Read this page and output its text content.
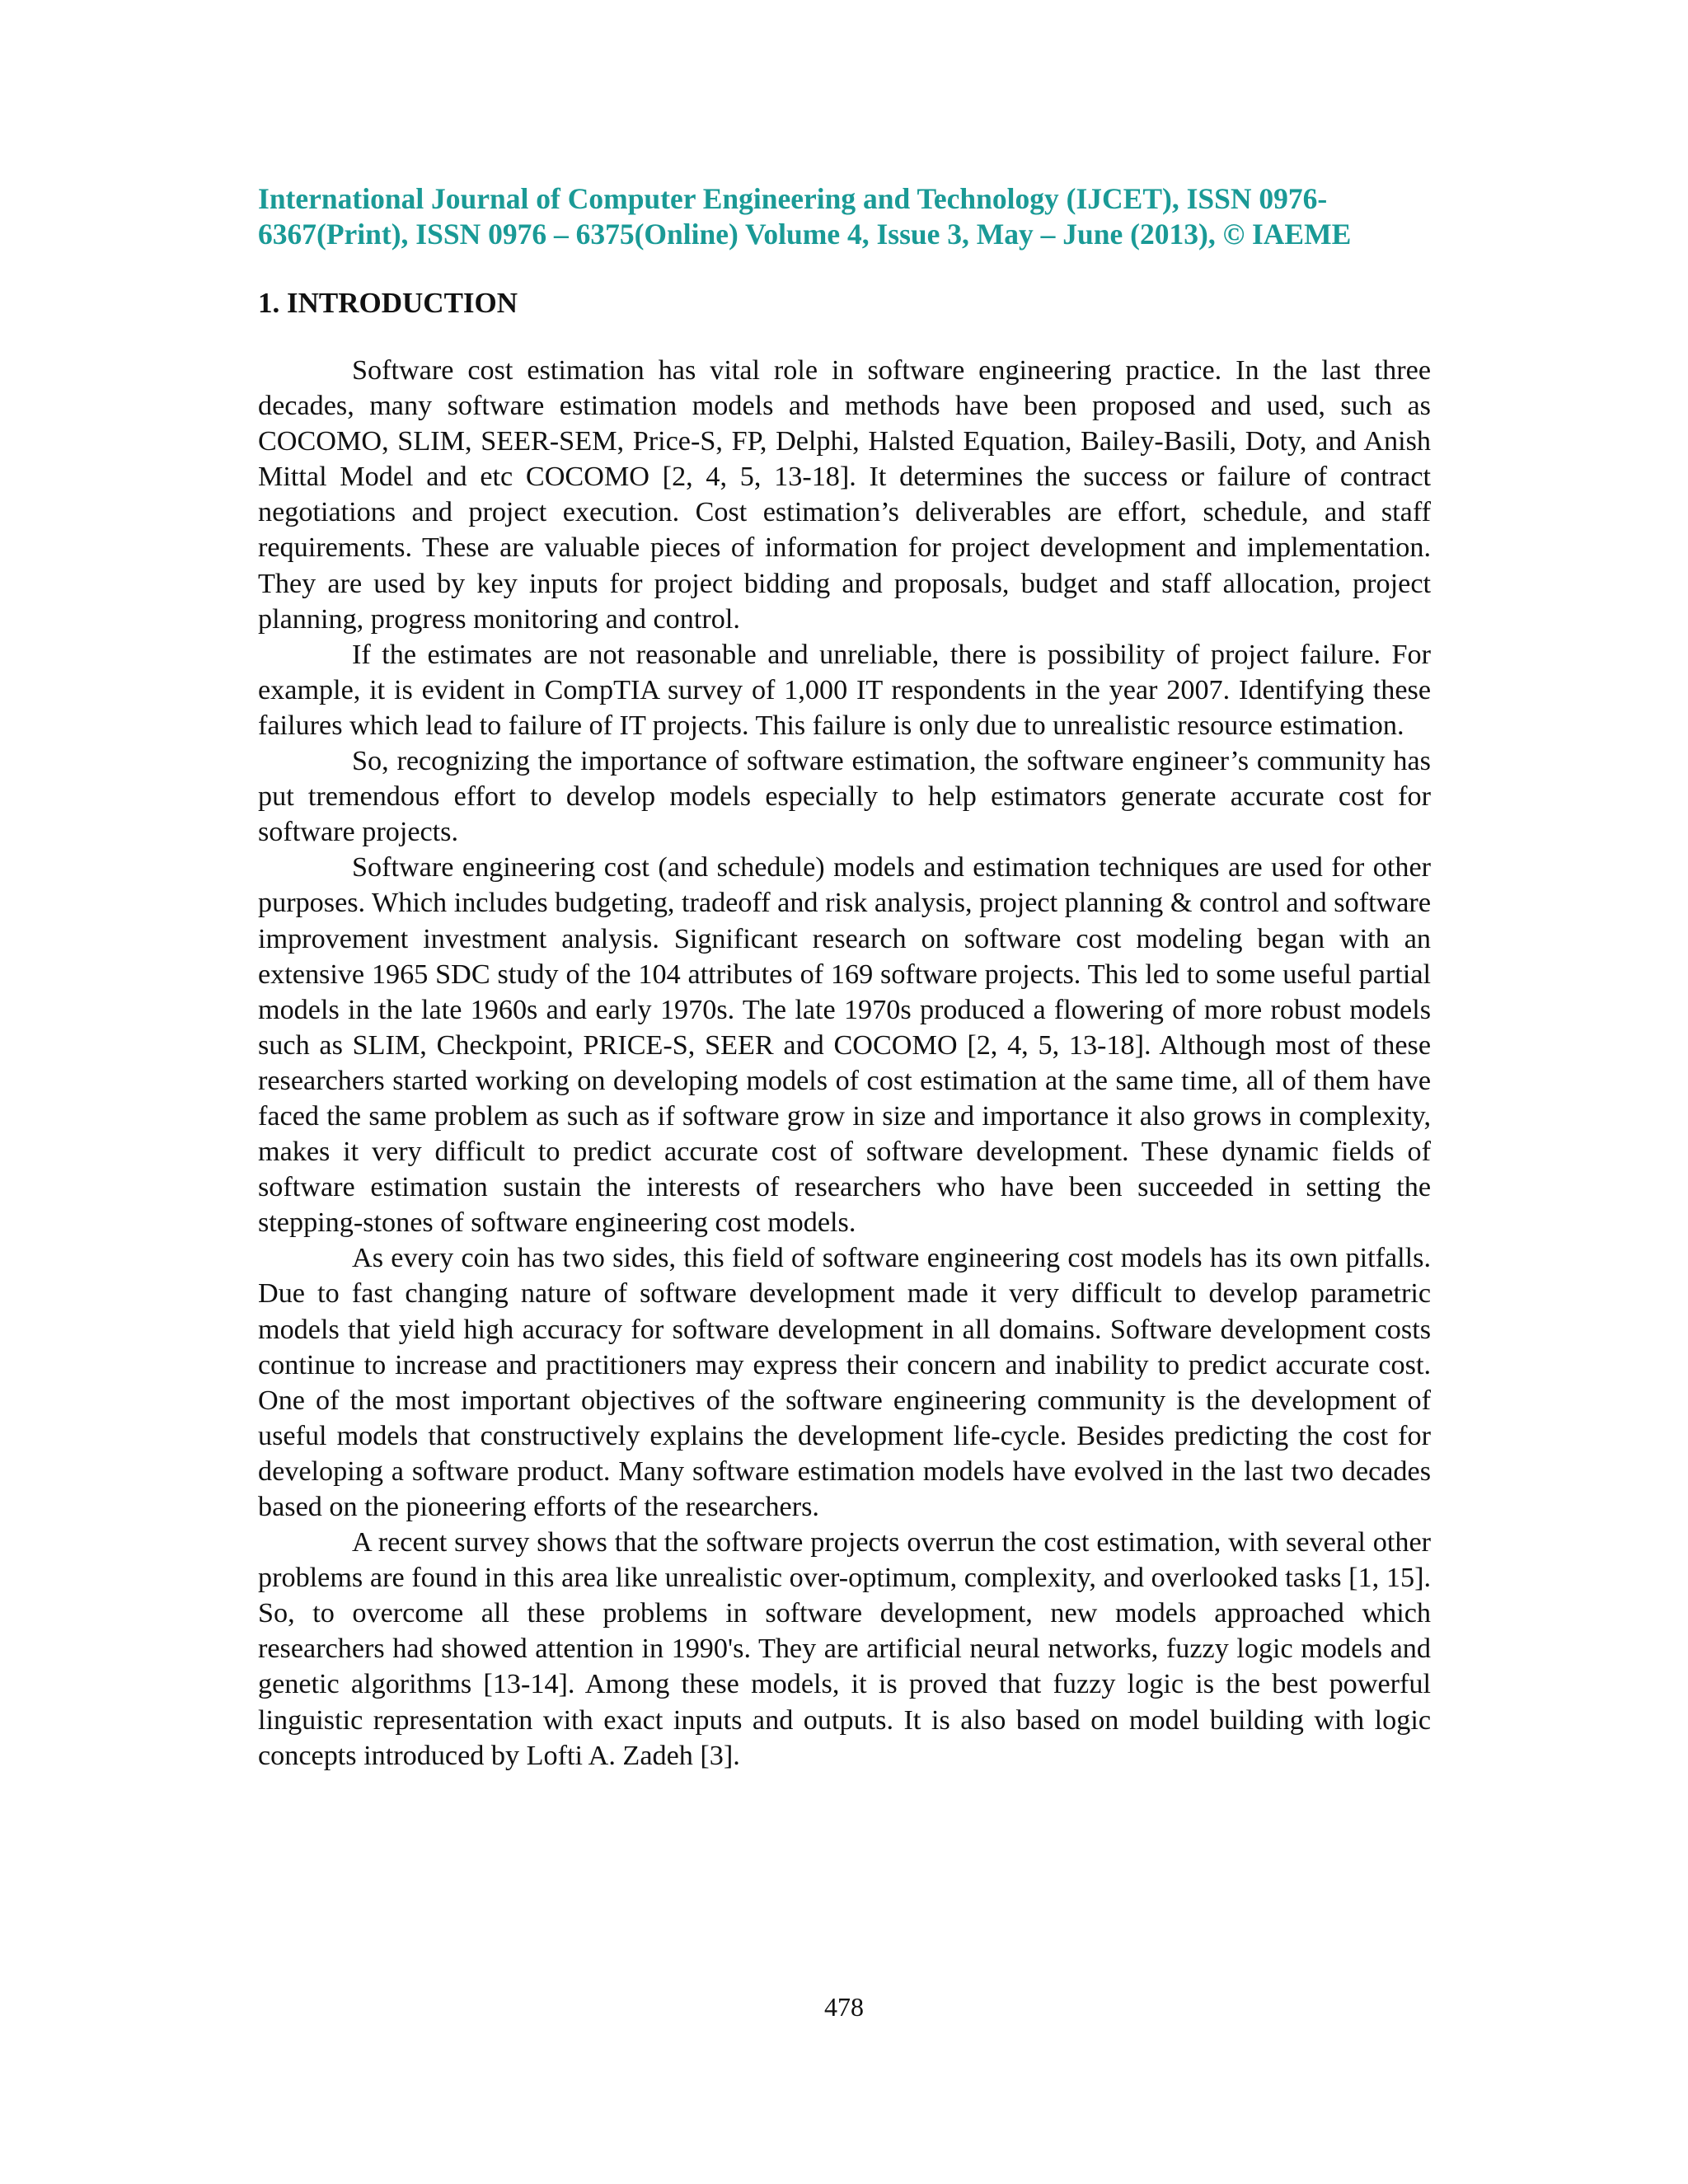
International Journal of Computer Engineering and Technology (IJCET), ISSN 0976-
6367(Print), ISSN 0976 – 6375(Online) Volume 4, Issue 3, May – June (2013), © IAEME
1. INTRODUCTION

Software cost estimation has vital role in software engineering practice. In the last three decades, many software estimation models and methods have been proposed and used, such as COCOMO, SLIM, SEER-SEM, Price-S, FP, Delphi, Halsted Equation, Bailey-Basili, Doty, and Anish Mittal Model and etc COCOMO [2, 4, 5, 13-18]. It determines the success or failure of contract negotiations and project execution. Cost estimation’s deliverables are effort, schedule, and staff requirements. These are valuable pieces of information for project development and implementation. They are used by key inputs for project bidding and proposals, budget and staff allocation, project planning, progress monitoring and control.

If the estimates are not reasonable and unreliable, there is possibility of project failure. For example, it is evident in CompTIA survey of 1,000 IT respondents in the year 2007. Identifying these failures which lead to failure of IT projects. This failure is only due to unrealistic resource estimation.

So, recognizing the importance of software estimation, the software engineer’s community has put tremendous effort to develop models especially to help estimators generate accurate cost for software projects.

Software engineering cost (and schedule) models and estimation techniques are used for other purposes. Which includes budgeting, tradeoff and risk analysis, project planning & control and software improvement investment analysis. Significant research on software cost modeling began with an extensive 1965 SDC study of the 104 attributes of 169 software projects. This led to some useful partial models in the late 1960s and early 1970s. The late 1970s produced a flowering of more robust models such as SLIM, Checkpoint, PRICE-S, SEER and COCOMO [2, 4, 5, 13-18]. Although most of these researchers started working on developing models of cost estimation at the same time, all of them have faced the same problem as such as if software grow in size and importance it also grows in complexity, makes it very difficult to predict accurate cost of software development. These dynamic fields of software estimation sustain the interests of researchers who have been succeeded in setting the stepping-stones of software engineering cost models.

As every coin has two sides, this field of software engineering cost models has its own pitfalls. Due to fast changing nature of software development made it very difficult to develop parametric models that yield high accuracy for software development in all domains. Software development costs continue to increase and practitioners may express their concern and inability to predict accurate cost. One of the most important objectives of the software engineering community is the development of useful models that constructively explains the development life-cycle. Besides predicting the cost for developing a software product. Many software estimation models have evolved in the last two decades based on the pioneering efforts of the researchers.

A recent survey shows that the software projects overrun the cost estimation, with several other problems are found in this area like unrealistic over-optimum, complexity, and overlooked tasks [1, 15]. So, to overcome all these problems in software development, new models approached which researchers had showed attention in 1990's. They are artificial neural networks, fuzzy logic models and genetic algorithms [13-14]. Among these models, it is proved that fuzzy logic is the best powerful linguistic representation with exact inputs and outputs. It is also based on model building with logic concepts introduced by Lofti A. Zadeh [3].

478
